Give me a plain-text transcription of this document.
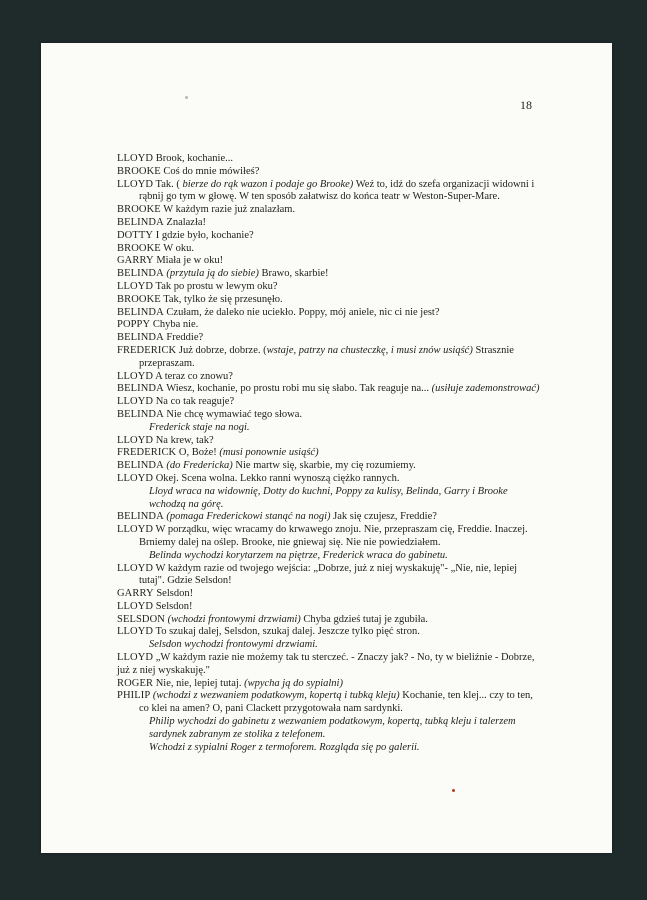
18

LLOYD Brook, kochanie...

BROOKE Coś do mnie mówiłeś?

LLOYD Tak. ( bierze do rąk wazon i podaje go Brooke) Weź to, idź do szefa organizacji widowni i rąbnij go tym w głowę. W ten sposób załatwisz do końca teatr w Weston-Super-Mare.

BROOKE W każdym razie już znalazłam.

BELINDA Znalazła!

DOTTY I gdzie było, kochanie?

BROOKE W oku.

GARRY Miała je w oku!

BELINDA (przytula ją do siebie) Brawo, skarbie!

LLOYD Tak po prostu w lewym oku?

BROOKE Tak, tylko że się przesunęło.

BELINDA Czułam, że daleko nie uciekło. Poppy, mój aniele, nic ci nie jest?

POPPY Chyba nie.

BELINDA Freddie?

FREDERICK Już dobrze, dobrze. (wstaje, patrzy na chusteczkę, i musi znów usiąść) Strasznie przepraszam.

LLOYD A teraz co znowu?

BELINDA Wiesz, kochanie, po prostu robi mu się słabo. Tak reaguje na... (usiłuje zademonstrować)

LLOYD Na co tak reaguje?

BELINDA Nie chcę wymawiać tego słowa.

Frederick staje na nogi.

LLOYD Na krew, tak?

FREDERICK O, Boże! (musi ponownie usiąść)

BELINDA (do Fredericka) Nie martw się, skarbie, my cię rozumiemy.

LLOYD Okej. Scena wolna. Lekko ranni wynoszą ciężko rannych.

Lloyd wraca na widownię, Dotty do kuchni, Poppy za kulisy, Belinda, Garry i Brooke wchodzą na górę.

BELINDA (pomaga Frederickowi stanąć na nogi) Jak się czujesz, Freddie?

LLOYD W porządku, więc wracamy do krwawego znoju. Nie, przepraszam cię, Freddie. Inaczej. Brniemy dalej na oślep. Brooke, nie gniewaj się. Nie nie powiedziałem.

Belinda wychodzi korytarzem na piętrze, Frederick wraca do gabinetu.

LLOYD W każdym razie od twojego wejścia: „Dobrze, już z niej wyskakuję"- „Nie, nie, lepiej tutaj". Gdzie Selsdon!

GARRY Selsdon!

LLOYD Selsdon!

SELSDON (wchodzi frontowymi drzwiami) Chyba gdzieś tutaj je zgubiła.

LLOYD To szukaj dalej, Selsdon, szukaj dalej. Jeszcze tylko pięć stron.

Selsdon wychodzi frontowymi drzwiami.

LLOYD „W każdym razie nie możemy tak tu sterczeć. - Znaczy jak? - No, ty w bieliźnie - Dobrze, już z niej wyskakuję."

ROGER Nie, nie, lepiej tutaj. (wpycha ją do sypialni)

PHILIP (wchodzi z wezwaniem podatkowym, kopertą i tubką kleju) Kochanie, ten klej... czy to ten, co klei na amen? O, pani Clackett przygotowała nam sardynki.

Philip wychodzi do gabinetu z wezwaniem podatkowym, kopertą, tubką kleju i talerzem sardynek zabranym ze stolika z telefonem.

Wchodzi z sypialni Roger z termoforem. Rozgląda się po galerii.
